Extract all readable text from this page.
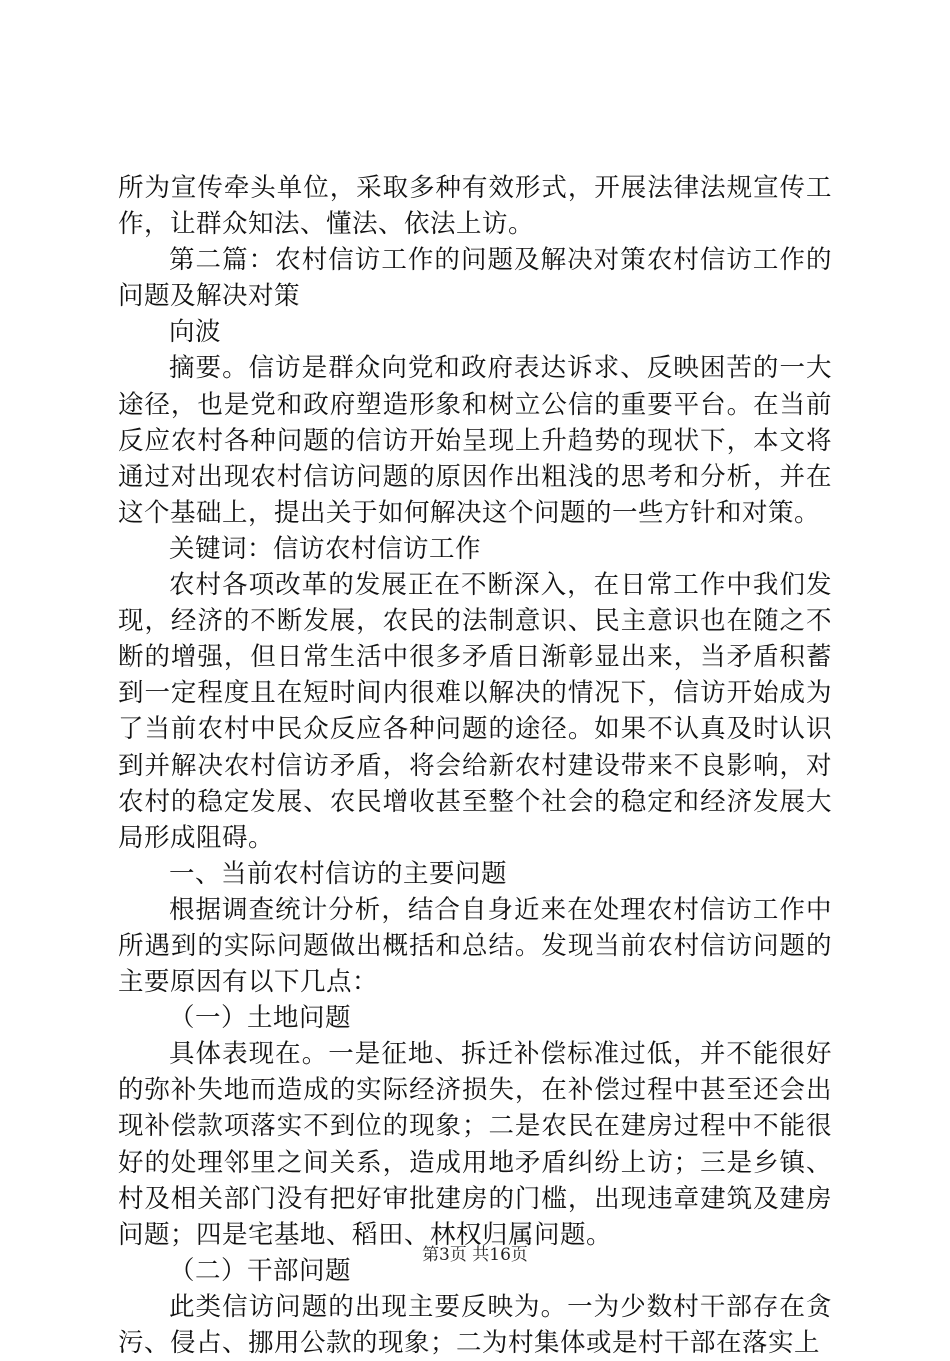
所为宣传牵头单位，采取多种有效形式，开展法律法规宣传工作，让群众知法、懂法、依法上访。

第二篇：农村信访工作的问题及解决对策农村信访工作的问题及解决对策

向波

摘要。信访是群众向党和政府表达诉求、反映困苦的一大途径，也是党和政府塑造形象和树立公信的重要平台。在当前反应农村各种问题的信访开始呈现上升趋势的现状下，本文将通过对出现农村信访问题的原因作出粗浅的思考和分析，并在这个基础上，提出关于如何解决这个问题的一些方针和对策。

关键词：信访农村信访工作

农村各项改革的发展正在不断深入，在日常工作中我们发现，经济的不断发展，农民的法制意识、民主意识也在随之不断的增强，但日常生活中很多矛盾日渐彰显出来，当矛盾积蓄到一定程度且在短时间内很难以解决的情况下，信访开始成为了当前农村中民众反应各种问题的途径。如果不认真及时认识到并解决农村信访矛盾，将会给新农村建设带来不良影响，对农村的稳定发展、农民增收甚至整个社会的稳定和经济发展大局形成阻碍。

一、当前农村信访的主要问题

根据调查统计分析，结合自身近来在处理农村信访工作中所遇到的实际问题做出概括和总结。发现当前农村信访问题的主要原因有以下几点：

（一）土地问题

具体表现在。一是征地、拆迁补偿标准过低，并不能很好的弥补失地而造成的实际经济损失，在补偿过程中甚至还会出现补偿款项落实不到位的现象；二是农民在建房过程中不能很好的处理邻里之间关系，造成用地矛盾纠纷上访；三是乡镇、村及相关部门没有把好审批建房的门槛，出现违章建筑及建房问题；四是宅基地、稻田、林权归属问题。

（二）干部问题

此类信访问题的出现主要反映为。一为少数村干部存在贪污、侵占、挪用公款的现象；二为村集体或是村干部在落实上

第3页 共16页
